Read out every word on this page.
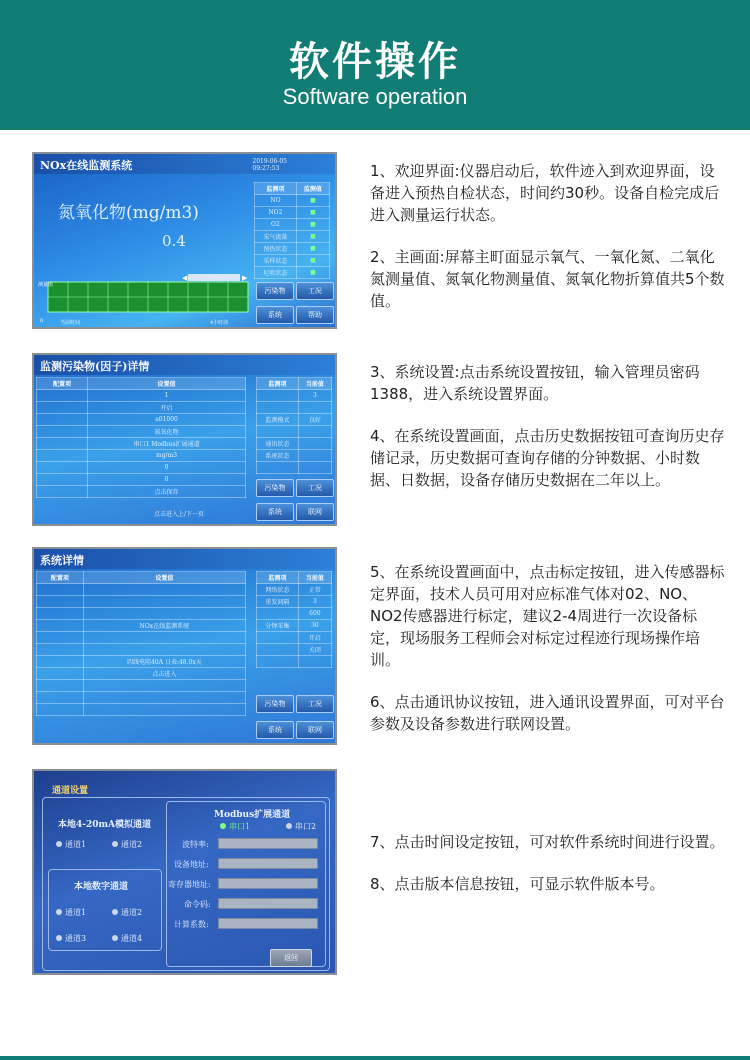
软件操作
Software operation
NOx在线监测系统	2019-06-05
09:27:53
氮氧化物(mg/m3)
0.4
监测项	监测值
NO	■
NO2	■
O2	■
采气流量	■
预热状态	■
采样状态	■
尼吹状态	■
◀	▶
测量值
0	当前时间	4小时前
污染物	工况
系统	帮助

1、欢迎界面:仪器启动后，软件迹入到欢迎界面，设备进入预热自检状态，时间约30秒。设备自检完成后进入测量运行状态。

2、主画面:屏幕主町面显示氧气、一氧化氮、二氧化氮测量值、氮氧化物测量值、氮氧化物折算值共5个数值。

监测污染物(因子)详情
配置项	设置值
	1
	开启
	a01000
	氮氧化物
	串口1 Modbus扩展通道
	mg/m3
	0
	0
	点击保存
点击进入上/下一页
监测项	当前值
	3

监测模式	良好

通讯状态	
系统状态	

污染物	工况
系统	联网

3、系统设置:点击系统设置按钮，输入管理员密码1388，进入系统设置界面。

4、在系统设置画面，点击历史数据按钮可查询历史存储记录，历史数据可查询存储的分钟数据、小时数据、日数据，设备存储历史数据在二年以上。

系统详情
配置项	设置值

	NOx在线监测系统

	四线电阻40A 日表:48.0x天
	点击进入

监测项	当前值
网络状态	正常
重发间隔	3
	600
分钟采集	30
	开启
	关闭

污染物	工况
系统	联网

5、在系统设置画面中，点击标定按钮，进入传感器标定界面，技术人员可用对应标准气体对02、NO、NO2传感器进行标定，建议2-4周进行一次设备标定，现场服务工程师会对标定过程迹行现场操作培训。

6、点击通讯协议按钮，进入通讯设置界面，可对平台参数及设备参数进行联网设置。

通道设置
本地4-20mA模拟通道
通道1	通道2
本地数字通道
通道1	通道2
通道3	通道4
Modbus扩展通道
串口1	串口2
波特率:
设备地址:
寄存器地址:
命令码:
计算系数:
返回

7、点击时间设定按钮，可对软件系统时间进行设置。

8、点击版本信息按钮，可显示软件版本号。
